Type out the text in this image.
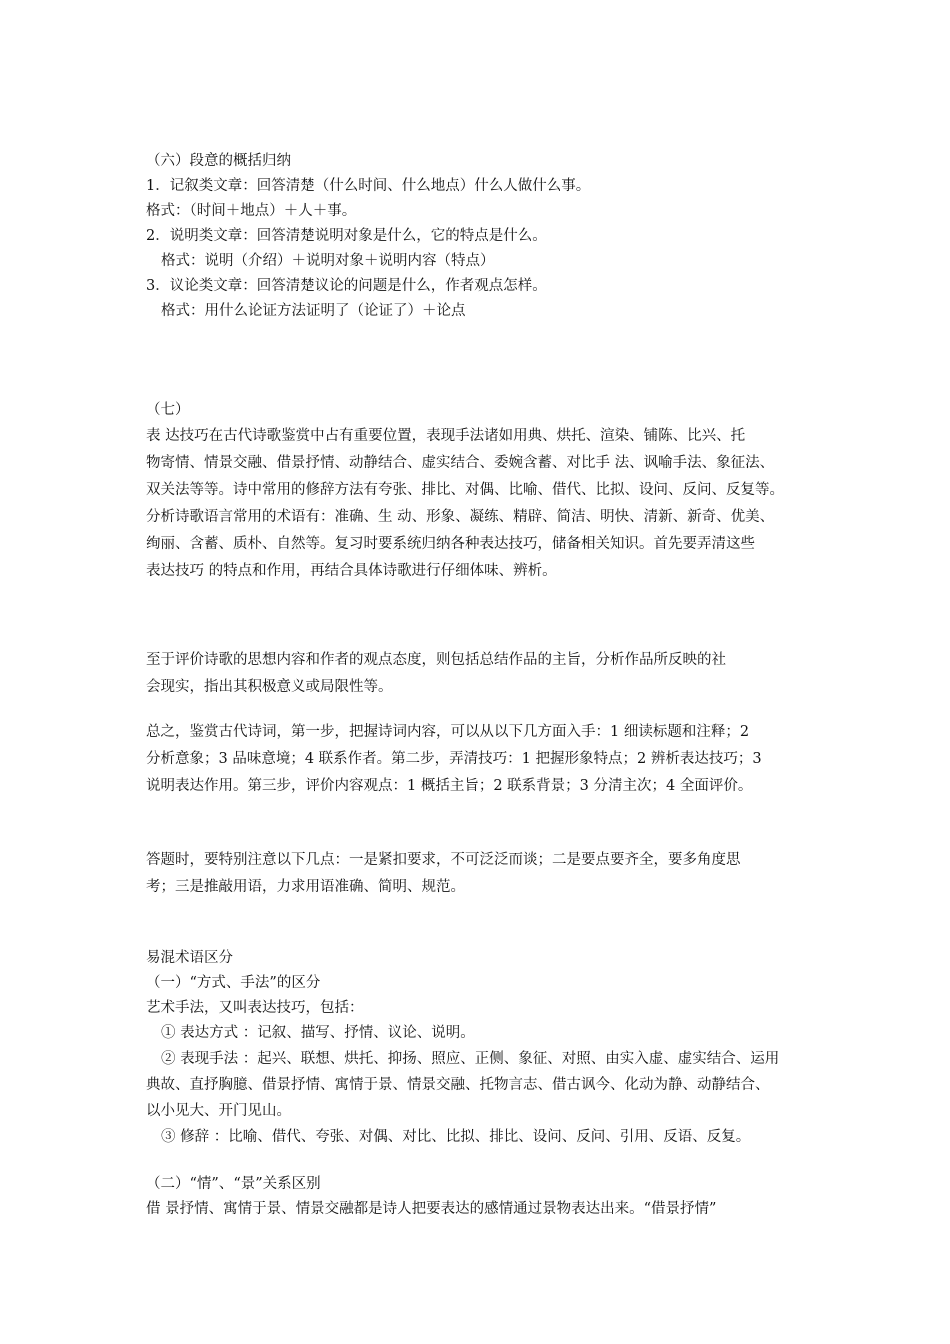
（六）段意的概括归纳
1．记叙类文章：回答清楚（什么时间、什么地点）什么人做什么事。
格式：（时间＋地点）＋人＋事。
2．说明类文章：回答清楚说明对象是什么，它的特点是什么。
格式：说明（介绍）＋说明对象＋说明内容（特点）
3．议论类文章：回答清楚议论的问题是什么，作者观点怎样。
格式：用什么论证方法证明了（论证了）＋论点
（七）
表 达技巧在古代诗歌鉴赏中占有重要位置，表现手法诸如用典、烘托、渲染、铺陈、比兴、托
物寄情、情景交融、借景抒情、动静结合、虚实结合、委婉含蓄、对比手 法、讽喻手法、象征法、
双关法等等。诗中常用的修辞方法有夸张、排比、对偶、比喻、借代、比拟、设问、反问、反复等。
分析诗歌语言常用的术语有：准确、生 动、形象、凝练、精辟、简洁、明快、清新、新奇、优美、
绚丽、含蓄、质朴、自然等。复习时要系统归纳各种表达技巧，储备相关知识。首先要弄清这些
表达技巧 的特点和作用，再结合具体诗歌进行仔细体味、辨析。
至于评价诗歌的思想内容和作者的观点态度，则包括总结作品的主旨，分析作品所反映的社
会现实，指出其积极意义或局限性等。
总之，鉴赏古代诗词，第一步，把握诗词内容，可以从以下几方面入手：1 细读标题和注释；2
分析意象；3 品味意境；4 联系作者。第二步，弄清技巧：1 把握形象特点；2 辨析表达技巧；3
说明表达作用。第三步，评价内容观点：1 概括主旨；2 联系背景；3 分清主次；4 全面评价。
答题时，要特别注意以下几点：一是紧扣要求，不可泛泛而谈；二是要点要齐全，要多角度思
考；三是推敲用语，力求用语准确、简明、规范。
易混术语区分
（一）“方式、手法”的区分
艺术手法，又叫表达技巧，包括：
① 表达方式 ：记叙、描写、抒情、议论、说明。
② 表现手法 ：起兴、联想、烘托、抑扬、照应、正侧、象征、对照、由实入虚、虚实结合、运用
典故、直抒胸臆、借景抒情、寓情于景、情景交融、托物言志、借古讽今、化动为静、动静结合、
以小见大、开门见山。
③ 修辞 ：比喻、借代、夸张、对偶、对比、比拟、排比、设问、反问、引用、反语、反复。
（二）“情”、“景”关系区别
借 景抒情、寓情于景、情景交融都是诗人把要表达的感情通过景物表达出来。“借景抒情”
